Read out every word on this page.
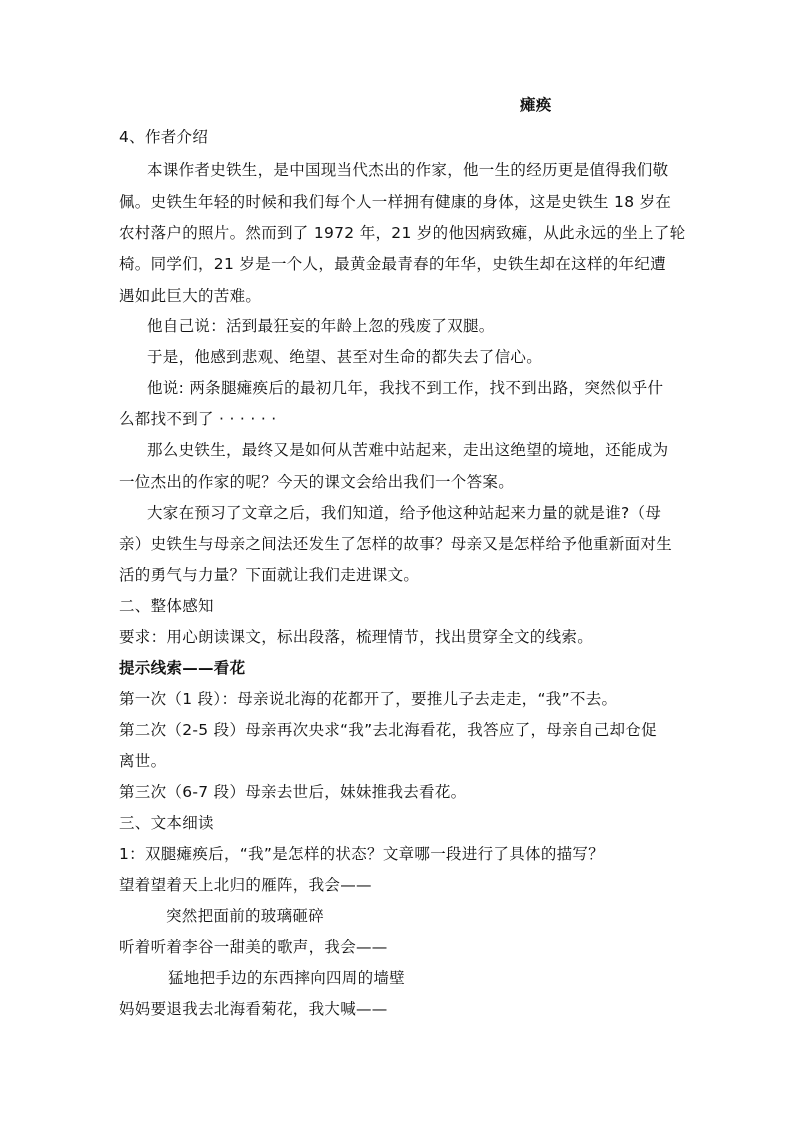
瘫痪
4、作者介绍
本课作者史铁生，是中国现当代杰出的作家，他一生的经历更是值得我们敬
佩。史铁生年轻的时候和我们每个人一样拥有健康的身体，这是史铁生 18 岁在
农村落户的照片。然而到了 1972 年，21 岁的他因病致瘫，从此永远的坐上了轮
椅。同学们，21 岁是一个人，最黄金最青春的年华，史铁生却在这样的年纪遭
遇如此巨大的苦难。
他自己说：活到最狂妄的年龄上忽的残废了双腿。
于是，他感到悲观、绝望、甚至对生命的都失去了信心。
他说: 两条腿瘫痪后的最初几年，我找不到工作，找不到出路，突然似乎什
么都找不到了 · · · · · ·
那么史铁生，最终又是如何从苦难中站起来，走出这绝望的境地，还能成为
一位杰出的作家的呢？今天的课文会给出我们一个答案。
大家在预习了文章之后，我们知道，给予他这种站起来力量的就是谁?（母
亲）史铁生与母亲之间法还发生了怎样的故事？母亲又是怎样给予他重新面对生
活的勇气与力量？下面就让我们走进课文。
二、整体感知
要求：用心朗读课文，标出段落，梳理情节，找出贯穿全文的线索。
提示线索——看花
第一次（1 段）：母亲说北海的花都开了，要推儿子去走走，“我”不去。
第二次（2-5 段）母亲再次央求“我”去北海看花，我答应了，母亲自己却仓促
离世。
第三次（6-7 段）母亲去世后，妹妹推我去看花。
三、文本细读
1：双腿瘫痪后，“我”是怎样的状态？文章哪一段进行了具体的描写？
望着望着天上北归的雁阵，我会——
突然把面前的玻璃砸碎
听着听着李谷一甜美的歌声，我会——
猛地把手边的东西摔向四周的墙壁
妈妈要退我去北海看菊花，我大喊——
